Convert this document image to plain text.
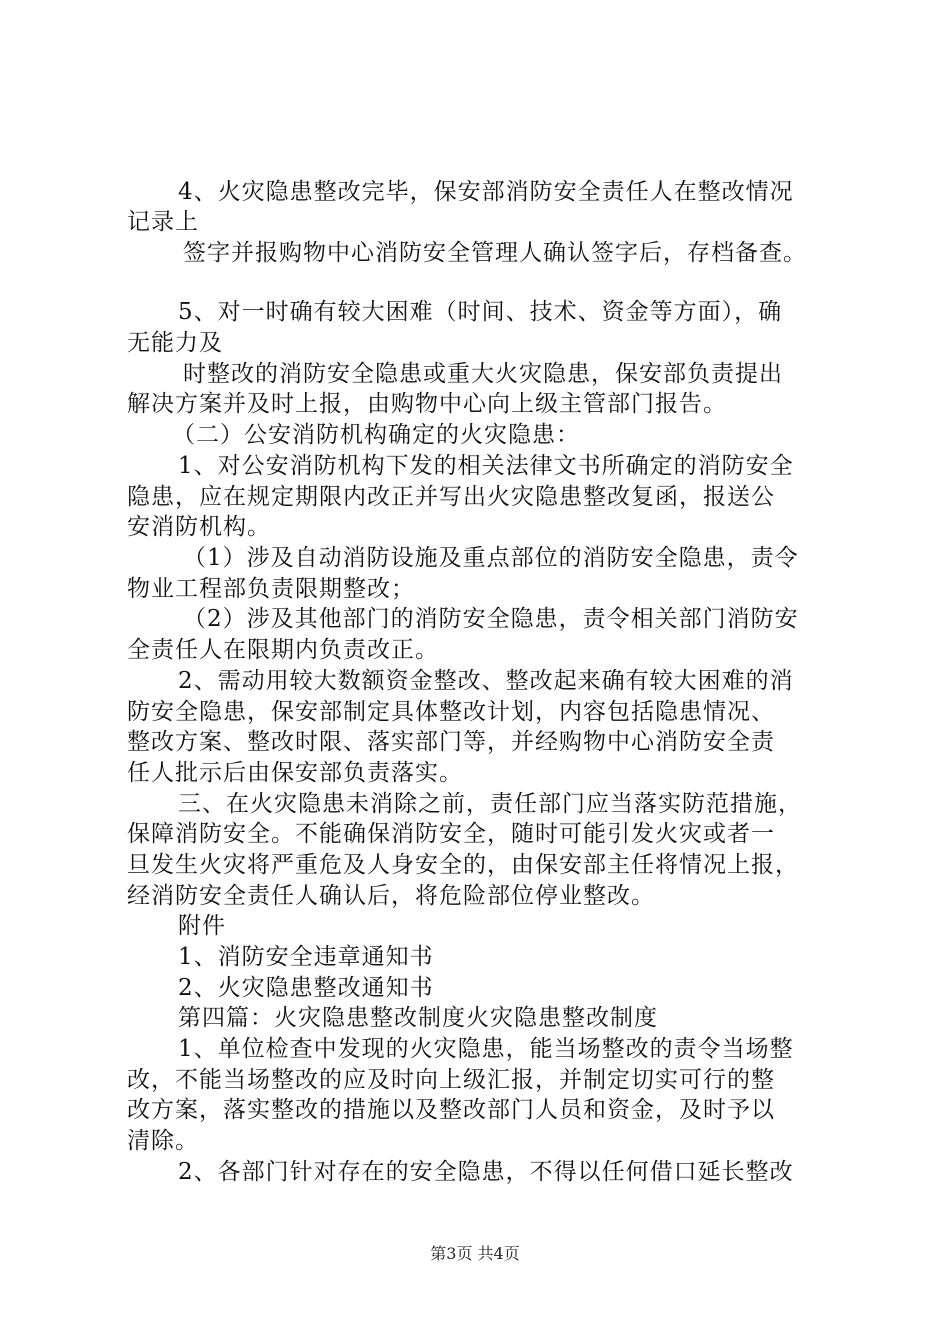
4、火灾隐患整改完毕，保安部消防安全责任人在整改情况
记录上
签字并报购物中心消防安全管理人确认签字后，存档备查。
5、对一时确有较大困难（时间、技术、资金等方面），确
无能力及
时整改的消防安全隐患或重大火灾隐患，保安部负责提出
解决方案并及时上报，由购物中心向上级主管部门报告。
（二）公安消防机构确定的火灾隐患：
1、对公安消防机构下发的相关法律文书所确定的消防安全
隐患，应在规定期限内改正并写出火灾隐患整改复函，报送公
安消防机构。
（1）涉及自动消防设施及重点部位的消防安全隐患，责令
物业工程部负责限期整改；
（2）涉及其他部门的消防安全隐患，责令相关部门消防安
全责任人在限期内负责改正。
2、需动用较大数额资金整改、整改起来确有较大困难的消
防安全隐患，保安部制定具体整改计划，内容包括隐患情况、
整改方案、整改时限、落实部门等，并经购物中心消防安全责
任人批示后由保安部负责落实。
三、在火灾隐患未消除之前，责任部门应当落实防范措施，
保障消防安全。不能确保消防安全，随时可能引发火灾或者一
旦发生火灾将严重危及人身安全的，由保安部主任将情况上报，
经消防安全责任人确认后，将危险部位停业整改。
附件
1、消防安全违章通知书
2、火灾隐患整改通知书
第四篇：火灾隐患整改制度火灾隐患整改制度
1、单位检查中发现的火灾隐患，能当场整改的责令当场整
改，不能当场整改的应及时向上级汇报，并制定切实可行的整
改方案，落实整改的措施以及整改部门人员和资金，及时予以
清除。
2、各部门针对存在的安全隐患，不得以任何借口延长整改
第3页 共4页
